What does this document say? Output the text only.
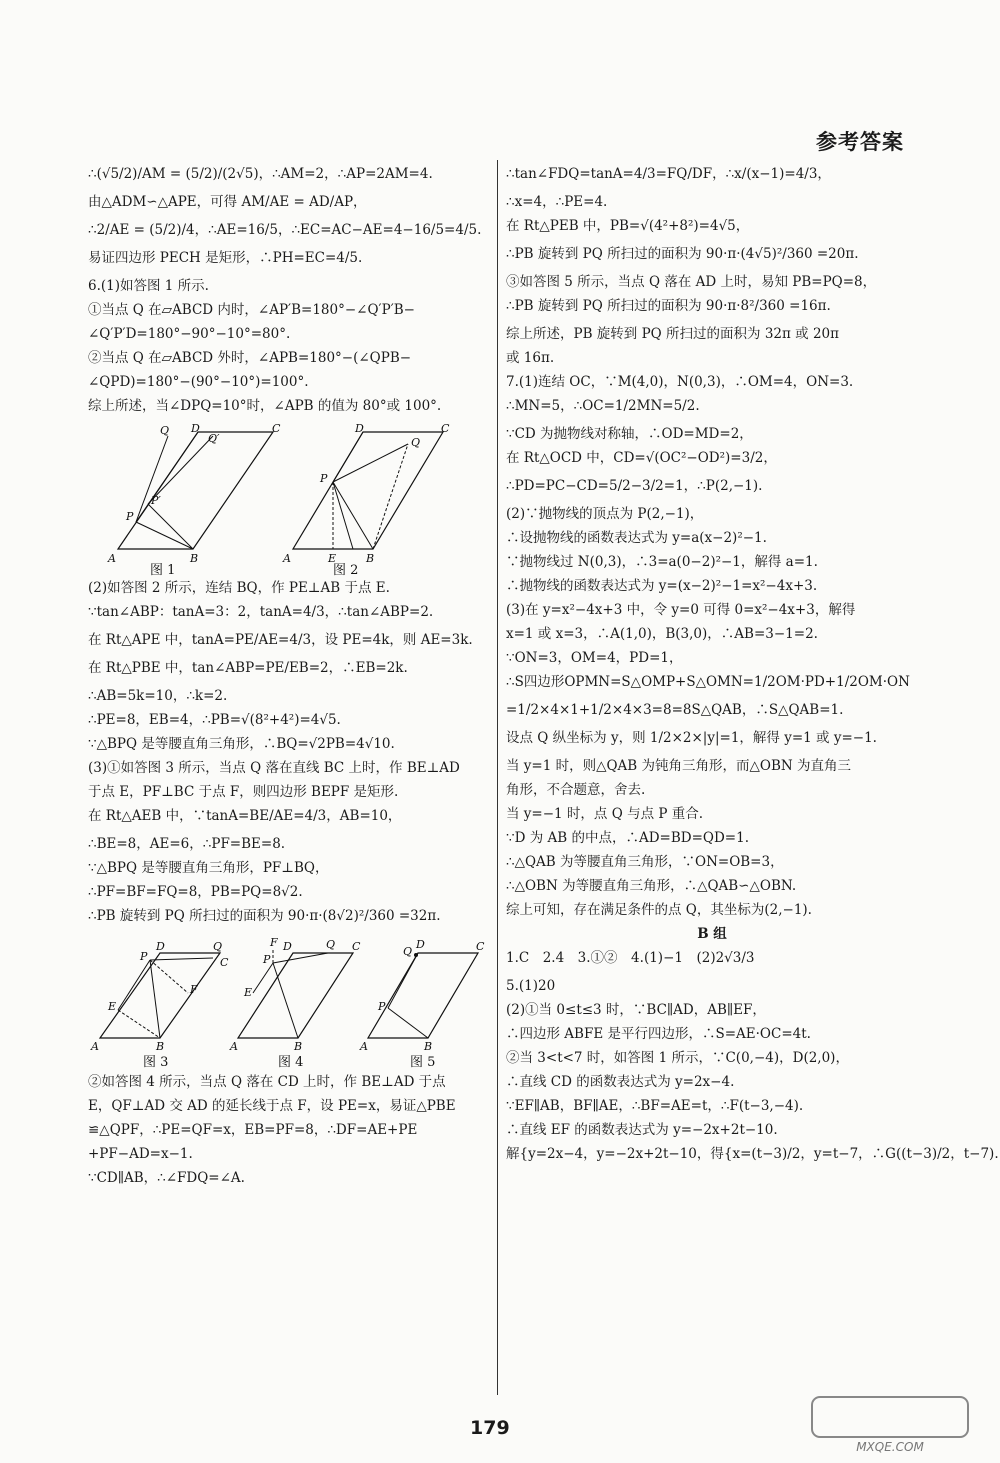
参考答案
∴(√5/2)/AM = (5/2)/(2√5)，∴AM=2，∴AP=2AM=4.
由△ADM∽△APE，可得 AM/AE = AD/AP，
∴2/AE = (5/2)/4，∴AE=16/5，∴EC=AC−AE=4−16/5=4/5.
易证四边形 PECH 是矩形，∴PH=EC=4/5.
6.(1)如答图 1 所示.
①当点 Q 在▱ABCD 内时，∠AP′B=180°−∠Q′P′B−
∠Q′P′D=180°−90°−10°=80°.
②当点 Q 在▱ABCD 外时，∠APB=180°−(∠QPB−
∠QPD)=180°−(90°−10°)=100°.
综上所述，当∠DPQ=10°时，∠APB 的值为 80°或 100°.
A	B
C
D
P
P′
Q
Q′
图 1
A	E	B
C
D
P
Q
图 2
(2)如答图 2 所示，连结 BQ，作 PE⊥AB 于点 E.
∵tan∠ABP：tanA=3：2，tanA=4/3，∴tan∠ABP=2.
在 Rt△APE 中，tanA=PE/AE=4/3，设 PE=4k，则 AE=3k.
在 Rt△PBE 中，tan∠ABP=PE/EB=2，∴EB=2k.
∴AB=5k=10，∴k=2.
∴PE=8，EB=4，∴PB=√(8²+4²)=4√5.
∵△BPQ 是等腰直角三角形，∴BQ=√2PB=4√10.
(3)①如答图 3 所示，当点 Q 落在直线 BC 上时，作 BE⊥AD
于点 E，PF⊥BC 于点 F，则四边形 BEPF 是矩形.
在 Rt△AEB 中，∵tanA=BE/AE=4/3，AB=10，
∴BE=8，AE=6，∴PF=BE=8.
∵△BPQ 是等腰直角三角形，PF⊥BQ，
∴PF=BF=FQ=8，PB=PQ=8√2.
∴PB 旋转到 PQ 所扫过的面积为 90·π·(8√2)²/360 =32π.
A	B
C
D
P
Q
E
F
图 3
A	B
C
D
P
Q
F
E
图 4
A	B
C
D
Q
P
图 5
②如答图 4 所示，当点 Q 落在 CD 上时，作 BE⊥AD 于点
E，QF⊥AD 交 AD 的延长线于点 F，设 PE=x，易证△PBE
≌△QPF，∴PE=QF=x，EB=PF=8，∴DF=AE+PE
+PF−AD=x−1.
∵CD∥AB，∴∠FDQ=∠A.
∴tan∠FDQ=tanA=4/3=FQ/DF，∴x/(x−1)=4/3，
∴x=4，∴PE=4.
在 Rt△PEB 中，PB=√(4²+8²)=4√5，
∴PB 旋转到 PQ 所扫过的面积为 90·π·(4√5)²/360 =20π.
③如答图 5 所示，当点 Q 落在 AD 上时，易知 PB=PQ=8，
∴PB 旋转到 PQ 所扫过的面积为 90·π·8²/360 =16π.
综上所述，PB 旋转到 PQ 所扫过的面积为 32π 或 20π
或 16π.
7.(1)连结 OC，∵M(4,0)，N(0,3)，∴OM=4，ON=3.
∴MN=5，∴OC=1/2MN=5/2.
∵CD 为抛物线对称轴，∴OD=MD=2，
在 Rt△OCD 中，CD=√(OC²−OD²)=3/2，
∴PD=PC−CD=5/2−3/2=1，∴P(2,−1).
(2)∵抛物线的顶点为 P(2,−1)，
∴设抛物线的函数表达式为 y=a(x−2)²−1.
∵抛物线过 N(0,3)，∴3=a(0−2)²−1，解得 a=1.
∴抛物线的函数表达式为 y=(x−2)²−1=x²−4x+3.
(3)在 y=x²−4x+3 中，令 y=0 可得 0=x²−4x+3，解得
x=1 或 x=3，∴A(1,0)，B(3,0)，∴AB=3−1=2.
∵ON=3，OM=4，PD=1，
∴S四边形OPMN=S△OMP+S△OMN=1/2OM·PD+1/2OM·ON
=1/2×4×1+1/2×4×3=8=8S△QAB，∴S△QAB=1.
设点 Q 纵坐标为 y，则 1/2×2×|y|=1，解得 y=1 或 y=−1.
当 y=1 时，则△QAB 为钝角三角形，而△OBN 为直角三
角形，不合题意，舍去.
当 y=−1 时，点 Q 与点 P 重合.
∵D 为 AB 的中点，∴AD=BD=QD=1.
∴△QAB 为等腰直角三角形，∵ON=OB=3，
∴△OBN 为等腰直角三角形，∴△QAB∽△OBN.
综上可知，存在满足条件的点 Q，其坐标为(2,−1).
B 组
1.C　2.4　3.①②　4.(1)−1　(2)2√3/3
5.(1)20
(2)①当 0≤t≤3 时，∵BC∥AD，AB∥EF，
∴四边形 ABFE 是平行四边形，∴S=AE·OC=4t.
②当 3<t<7 时，如答图 1 所示，∵C(0,−4)，D(2,0)，
∴直线 CD 的函数表达式为 y=2x−4.
∵EF∥AB，BF∥AE，∴BF=AE=t，∴F(t−3,−4).
∴直线 EF 的函数表达式为 y=−2x+2t−10.
解{y=2x−4，y=−2x+2t−10，得{x=(t−3)/2，y=t−7，∴G((t−3)/2，t−7).
179
MXQE.COM
